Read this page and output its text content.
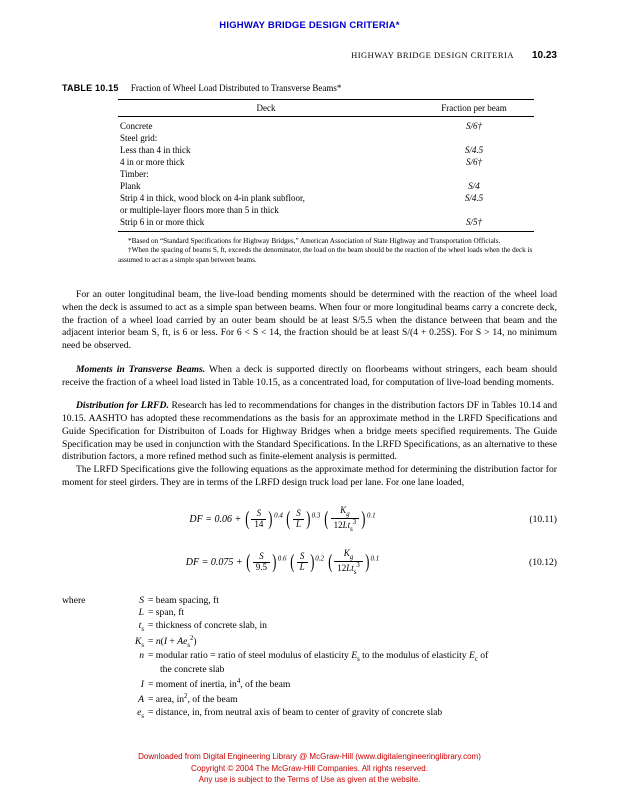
HIGHWAY BRIDGE DESIGN CRITERIA*
HIGHWAY BRIDGE DESIGN CRITERIA 10.23
TABLE 10.15 Fraction of Wheel Load Distributed to Transverse Beams*
Deck	Fraction per beam
Concrete	S/6†
Steel grid:	
Less than 4 in thick	S/4.5
4 in or more thick	S/6†
Timber:	
Plank	S/4
Strip 4 in thick, wood block on 4-in plank subfloor,	S/4.5
or multiple-layer floors more than 5 in thick	
Strip 6 in or more thick	S/5†

*Based on “Standard Specifications for Highway Bridges,” American Association of State Highway and Transportation Officials.

†When the spacing of beams S, ft, exceeds the denominator, the load on the beam should be the reaction of the wheel loads when the deck is assumed to act as a simple span between beams.

For an outer longitudinal beam, the live-load bending moments should be determined with the reaction of the wheel load when the deck is assumed to act as a simple span between beams. When four or more longitudinal beams carry a concrete deck, the fraction of a wheel load carried by an outer beam should be at least S/5.5 when the distance between that beam and the adjacent interior beam S, ft, is 6 or less. For 6 < S < 14, the fraction should be at least S/(4 + 0.25S). For S > 14, no minimum need be observed.

Moments in Transverse Beams. When a deck is supported directly on floorbeams without stringers, each beam should receive the fraction of a wheel load listed in Table 10.15, as a concentrated load, for computation of live-load bending moments.

Distribution for LRFD. Research has led to recommendations for changes in the distribution factors DF in Tables 10.14 and 10.15. AASHTO has adopted these recommendations as the basis for an approximate method in the LRFD Specifications and Guide Specification for Distribuiton of Loads for Highway Bridges when a bridge meets specified requirements. The Guide Specification may be used in conjunction with the Standard Specifications. In the LRFD Specifications, as an alternative to these distribution factors, a more refined method such as finite-element analysis is permitted.

The LRFD Specifications give the following equations as the approximate method for determining the distribution factor for moment for steel girders. They are in terms of the LRFD design truck load per lane. For one lane loaded,

DF = 0.06 + ( $\frac{S}{14} )^{0.4}$ ( $\frac{S}{L} )^{0.3}$ ( $\frac{K_g}{12Lt_s^3} )^{0.1}$	(10.11)
DF = 0.075 + ( $\frac{S}{9.5} )^{0.6}$ ( $\frac{S}{L} )^{0.2}$ ( $\frac{K_g}{12Lt_s^3} )^{0.1}$	(10.12)
where	S = beam spacing, ft
L = span, ft
$t_s$ = thickness of concrete slab, in
$K_s = n(I + Ae_s^2)$
n = modular ratio = ratio of steel modulus of elasticity $E_s$ to the modulus of elasticity $E_c$ of
the concrete slab
I = moment of inertia, $in^4$, of the beam
A = area, $in^2$, of the beam
$e_s$ = distance, in, from neutral axis of beam to center of gravity of concrete slab
Downloaded from Digital Engineering Library @ McGraw-Hill (www.digitalengineeringlibrary.com)
Copyright © 2004 The McGraw-Hill Companies. All rights reserved.
Any use is subject to the Terms of Use as given at the website.
